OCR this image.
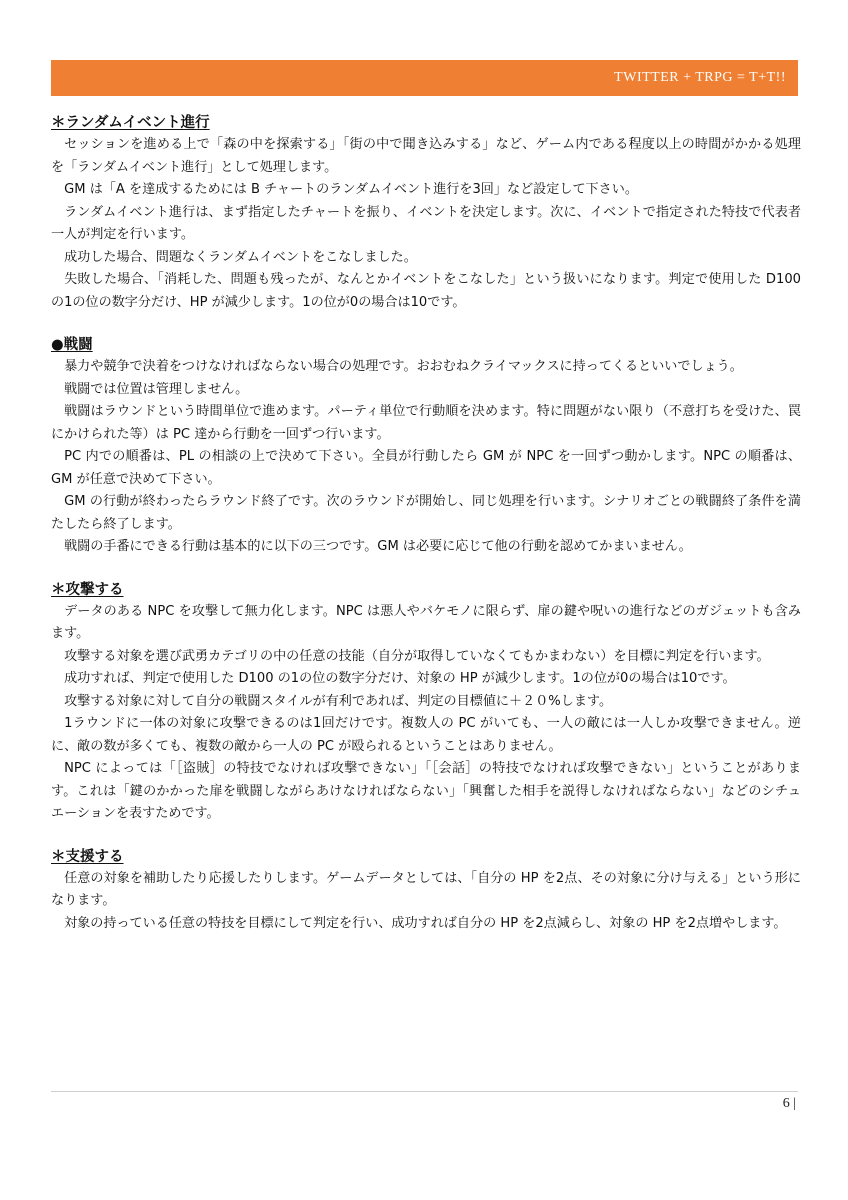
TWITTER + TRPG = T+T!!
＊ランダムイベント進行

セッションを進める上で「森の中を探索する」「街の中で聞き込みする」など、ゲーム内である程度以上の時間がかかる処理を「ランダムイベント進行」として処理します。

GM は「A を達成するためには B チャートのランダムイベント進行を3回」など設定して下さい。

ランダムイベント進行は、まず指定したチャートを振り、イベントを決定します。次に、イベントで指定された特技で代表者一人が判定を行います。

成功した場合、問題なくランダムイベントをこなしました。

失敗した場合、「消耗した、問題も残ったが、なんとかイベントをこなした」という扱いになります。判定で使用した D100 の1の位の数字分だけ、HP が減少します。1の位が0の場合は10です。

●戦闘

暴力や競争で決着をつけなければならない場合の処理です。おおむねクライマックスに持ってくるといいでしょう。

戦闘では位置は管理しません。

戦闘はラウンドという時間単位で進めます。パーティ単位で行動順を決めます。特に問題がない限り（不意打ちを受けた、罠にかけられた等）は PC 達から行動を一回ずつ行います。

PC 内での順番は、PL の相談の上で決めて下さい。全員が行動したら GM が NPC を一回ずつ動かします。NPC の順番は、GM が任意で決めて下さい。

GM の行動が終わったらラウンド終了です。次のラウンドが開始し、同じ処理を行います。シナリオごとの戦闘終了条件を満たしたら終了します。

戦闘の手番にできる行動は基本的に以下の三つです。GM は必要に応じて他の行動を認めてかまいません。

＊攻撃する

データのある NPC を攻撃して無力化します。NPC は悪人やバケモノに限らず、扉の鍵や呪いの進行などのガジェットも含みます。

攻撃する対象を選び武勇カテゴリの中の任意の技能（自分が取得していなくてもかまわない）を目標に判定を行います。

成功すれば、判定で使用した D100 の1の位の数字分だけ、対象の HP が減少します。1の位が0の場合は10です。

攻撃する対象に対して自分の戦闘スタイルが有利であれば、判定の目標値に＋２０%します。

1ラウンドに一体の対象に攻撃できるのは1回だけです。複数人の PC がいても、一人の敵には一人しか攻撃できません。逆に、敵の数が多くても、複数の敵から一人の PC が殴られるということはありません。

NPC によっては「［盗賊］の特技でなければ攻撃できない」「［会話］の特技でなければ攻撃できない」ということがあります。これは「鍵のかかった扉を戦闘しながらあけなければならない」「興奮した相手を説得しなければならない」などのシチュエーションを表すためです。

＊支援する

任意の対象を補助したり応援したりします。ゲームデータとしては、「自分の HP を2点、その対象に分け与える」という形になります。

対象の持っている任意の特技を目標にして判定を行い、成功すれば自分の HP を2点減らし、対象の HP を2点増やします。

6 |
